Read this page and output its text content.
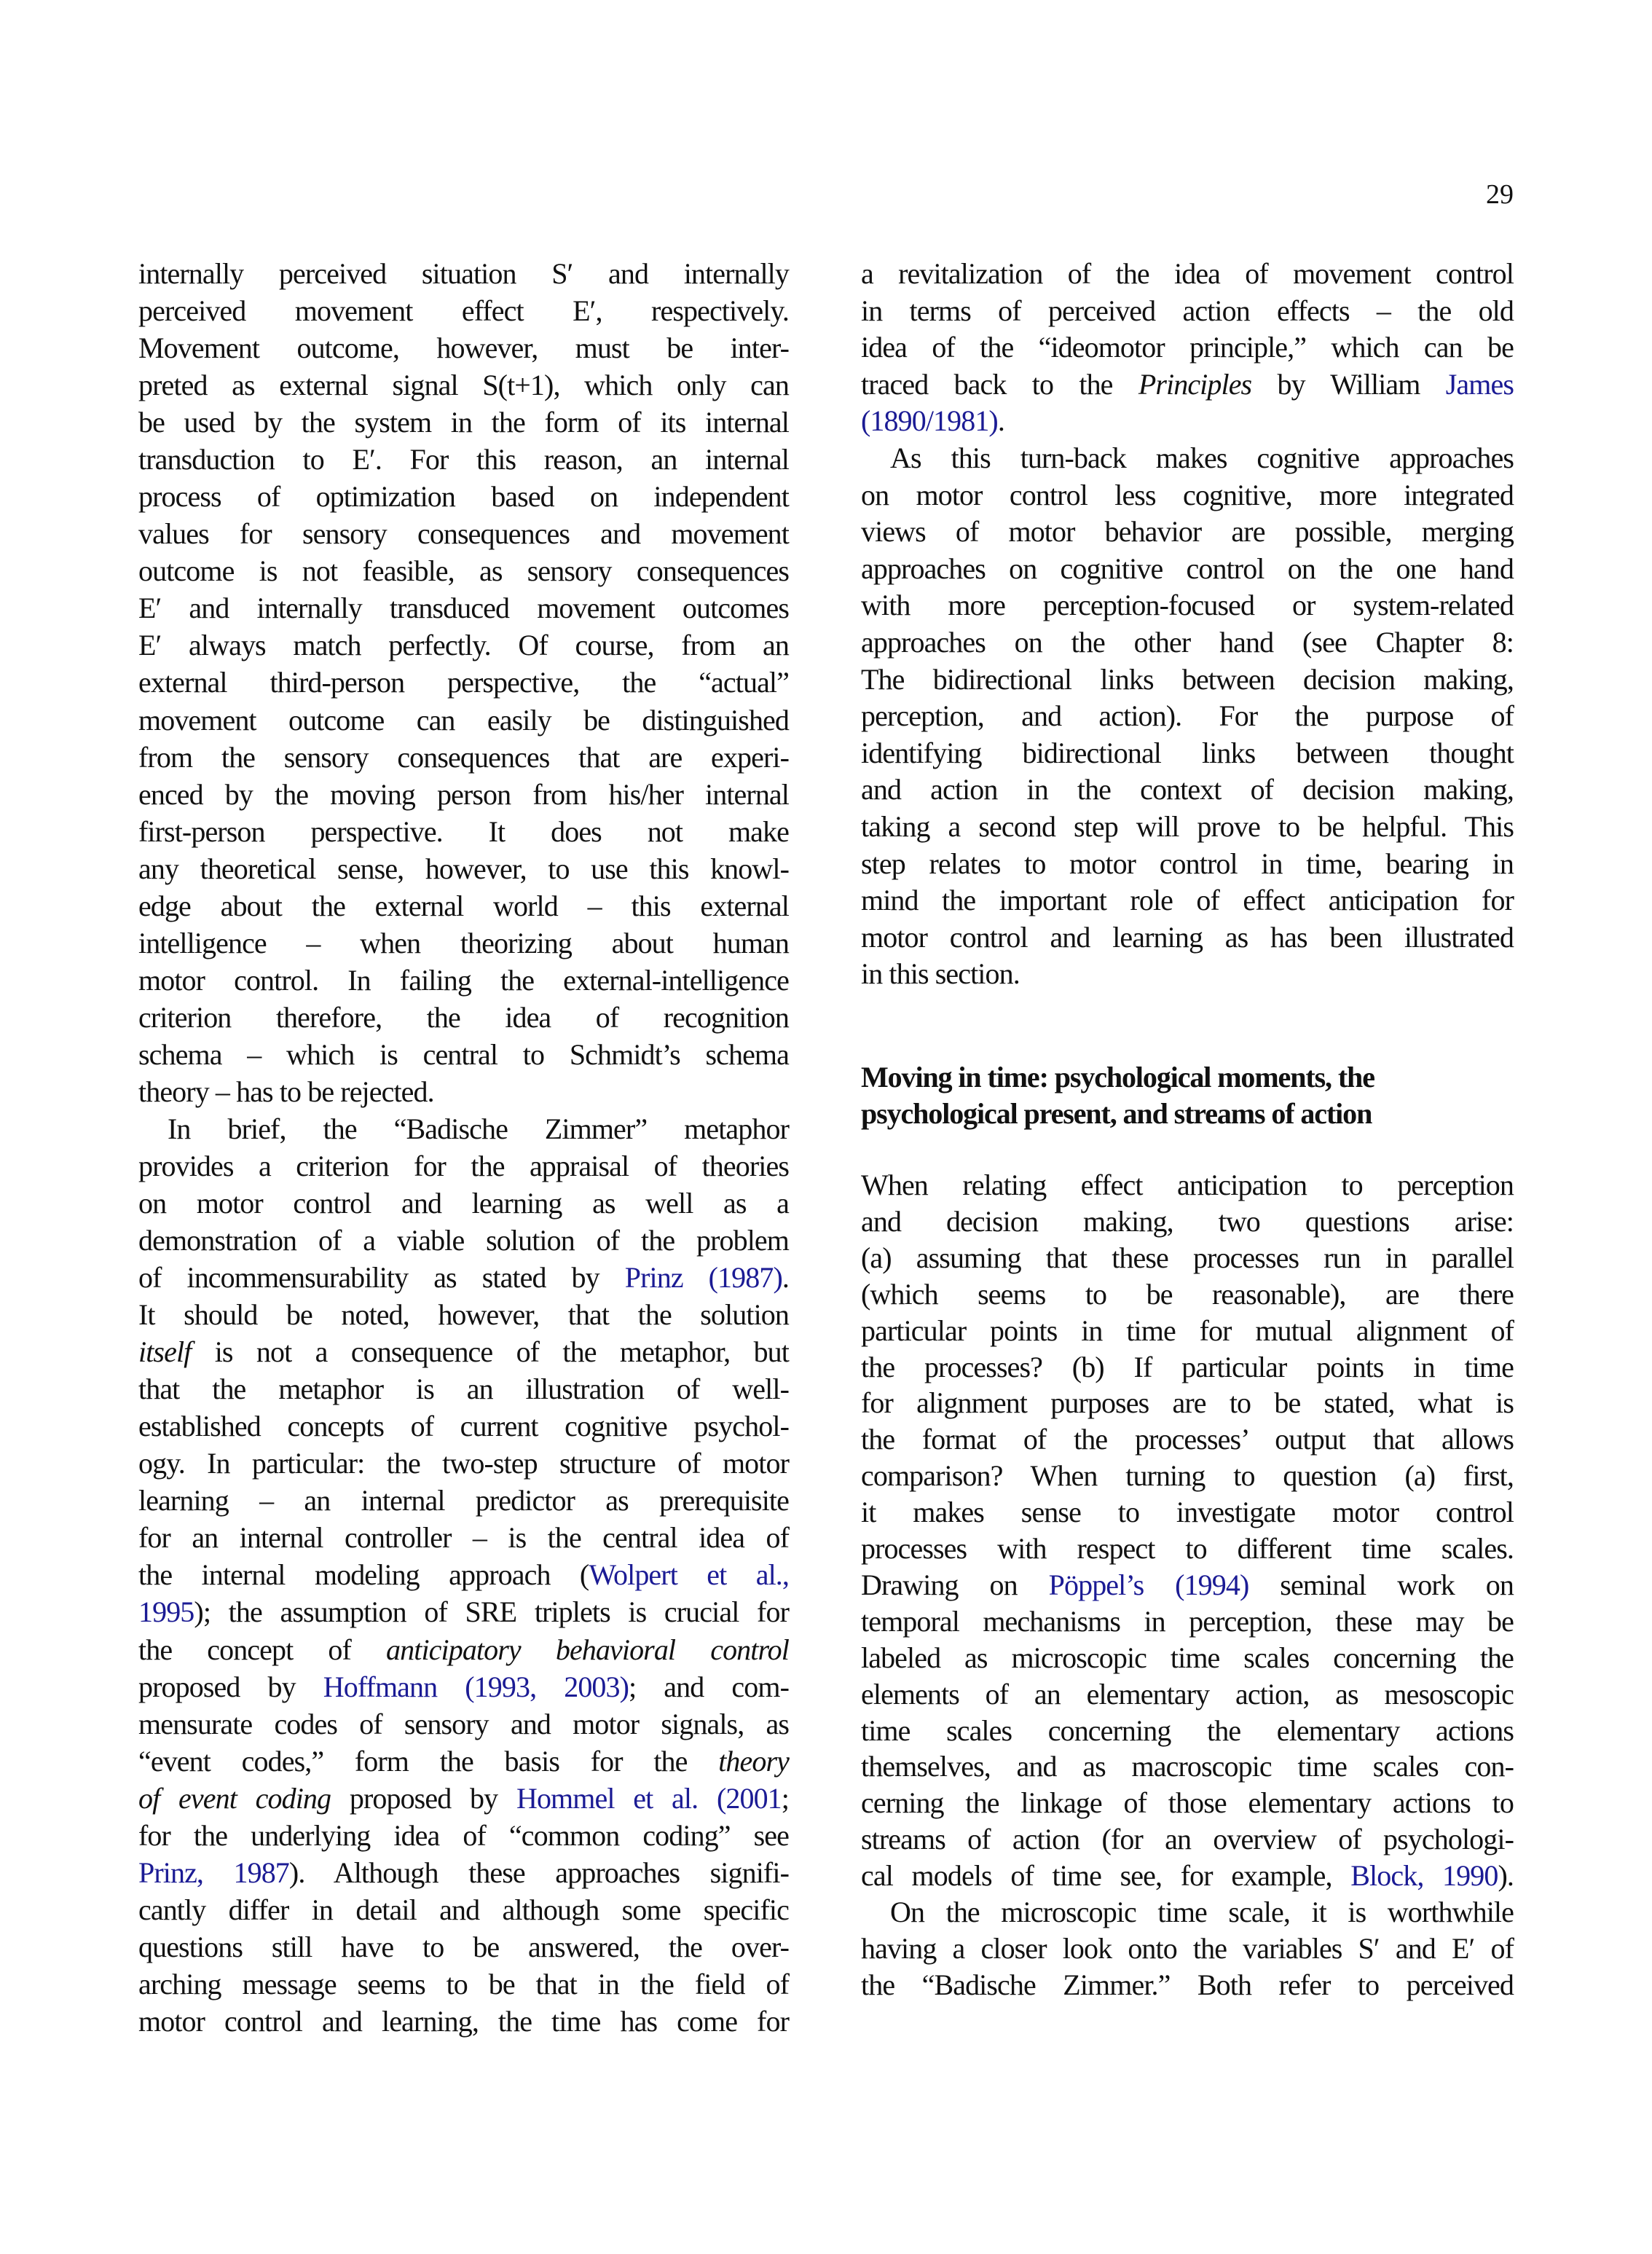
29
internally perceived situation S′ and internally
perceived movement effect E′, respectively.
Movement outcome, however, must be inter-
preted as external signal S(t+1), which only can
be used by the system in the form of its internal
transduction to E′. For this reason, an internal
process of optimization based on independent
values for sensory consequences and movement
outcome is not feasible, as sensory consequences
E′ and internally transduced movement outcomes
E′ always match perfectly. Of course, from an
external third-person perspective, the “actual”
movement outcome can easily be distinguished
from the sensory consequences that are experi-
enced by the moving person from his/her internal
first-person perspective. It does not make
any theoretical sense, however, to use this knowl-
edge about the external world – this external
intelligence – when theorizing about human
motor control. In failing the external-intelligence
criterion therefore, the idea of recognition
schema – which is central to Schmidt’s schema
theory – has to be rejected.
In brief, the “Badische Zimmer” metaphor
provides a criterion for the appraisal of theories
on motor control and learning as well as a
demonstration of a viable solution of the problem
of incommensurability as stated by Prinz (1987).
It should be noted, however, that the solution
itself is not a consequence of the metaphor, but
that the metaphor is an illustration of well-
established concepts of current cognitive psychol-
ogy. In particular: the two-step structure of motor
learning – an internal predictor as prerequisite
for an internal controller – is the central idea of
the internal modeling approach (Wolpert et al.,
1995); the assumption of SRE triplets is crucial for
the concept of anticipatory behavioral control
proposed by Hoffmann (1993, 2003); and com-
mensurate codes of sensory and motor signals, as
“event codes,” form the basis for the theory
of event coding proposed by Hommel et al. (2001;
for the underlying idea of “common coding” see
Prinz, 1987). Although these approaches signifi-
cantly differ in detail and although some specific
questions still have to be answered, the over-
arching message seems to be that in the field of
motor control and learning, the time has come for
a revitalization of the idea of movement control
in terms of perceived action effects – the old
idea of the “ideomotor principle,” which can be
traced back to the Principles by William James
(1890/1981).
As this turn-back makes cognitive approaches
on motor control less cognitive, more integrated
views of motor behavior are possible, merging
approaches on cognitive control on the one hand
with more perception-focused or system-related
approaches on the other hand (see Chapter 8:
The bidirectional links between decision making,
perception, and action). For the purpose of
identifying bidirectional links between thought
and action in the context of decision making,
taking a second step will prove to be helpful. This
step relates to motor control in time, bearing in
mind the important role of effect anticipation for
motor control and learning as has been illustrated
in this section.
Moving in time: psychological moments, the
psychological present, and streams of action
When relating effect anticipation to perception
and decision making, two questions arise:
(a) assuming that these processes run in parallel
(which seems to be reasonable), are there
particular points in time for mutual alignment of
the processes? (b) If particular points in time
for alignment purposes are to be stated, what is
the format of the processes’ output that allows
comparison? When turning to question (a) first,
it makes sense to investigate motor control
processes with respect to different time scales.
Drawing on Pöppel’s (1994) seminal work on
temporal mechanisms in perception, these may be
labeled as microscopic time scales concerning the
elements of an elementary action, as mesoscopic
time scales concerning the elementary actions
themselves, and as macroscopic time scales con-
cerning the linkage of those elementary actions to
streams of action (for an overview of psychologi-
cal models of time see, for example, Block, 1990).
On the microscopic time scale, it is worthwhile
having a closer look onto the variables S′ and E′ of
the “Badische Zimmer.” Both refer to perceived
